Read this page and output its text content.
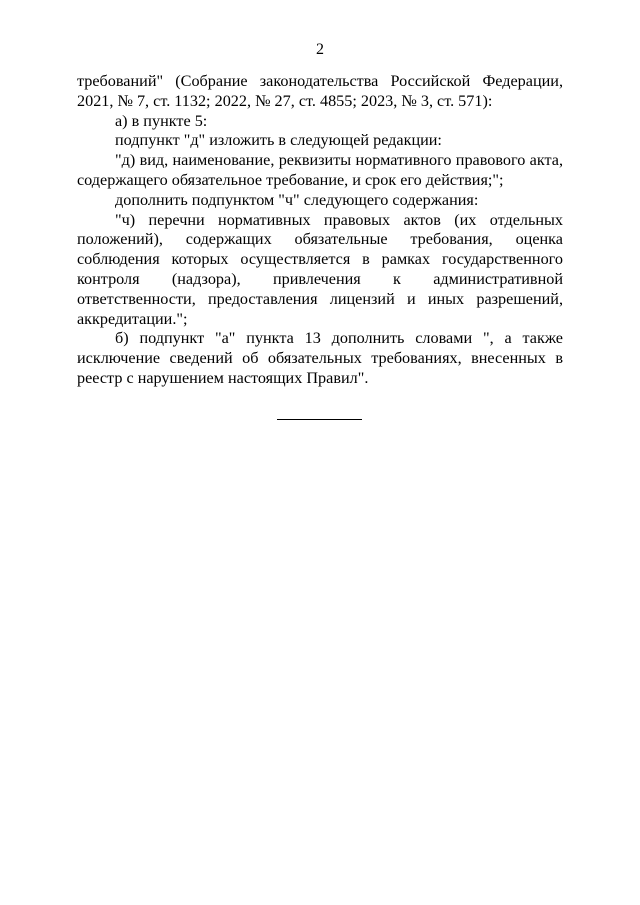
2

требований" (Собрание законодательства Российской Федерации, 2021, № 7, ст. 1132; 2022, № 27, ст. 4855; 2023, № 3, ст. 571):

а) в пункте 5:

подпункт "д" изложить в следующей редакции:

"д) вид, наименование, реквизиты нормативного правового акта, содержащего обязательное требование, и срок его действия;";

дополнить подпунктом "ч" следующего содержания:

"ч) перечни нормативных правовых актов (их отдельных положений), содержащих обязательные требования, оценка соблюдения которых осуществляется в рамках государственного контроля (надзора), привлечения к административной ответственности, предоставления лицензий и иных разрешений, аккредитации.";

б) подпункт "а" пункта 13 дополнить словами ", а также исключение сведений об обязательных требованиях, внесенных в реестр с нарушением настоящих Правил".
